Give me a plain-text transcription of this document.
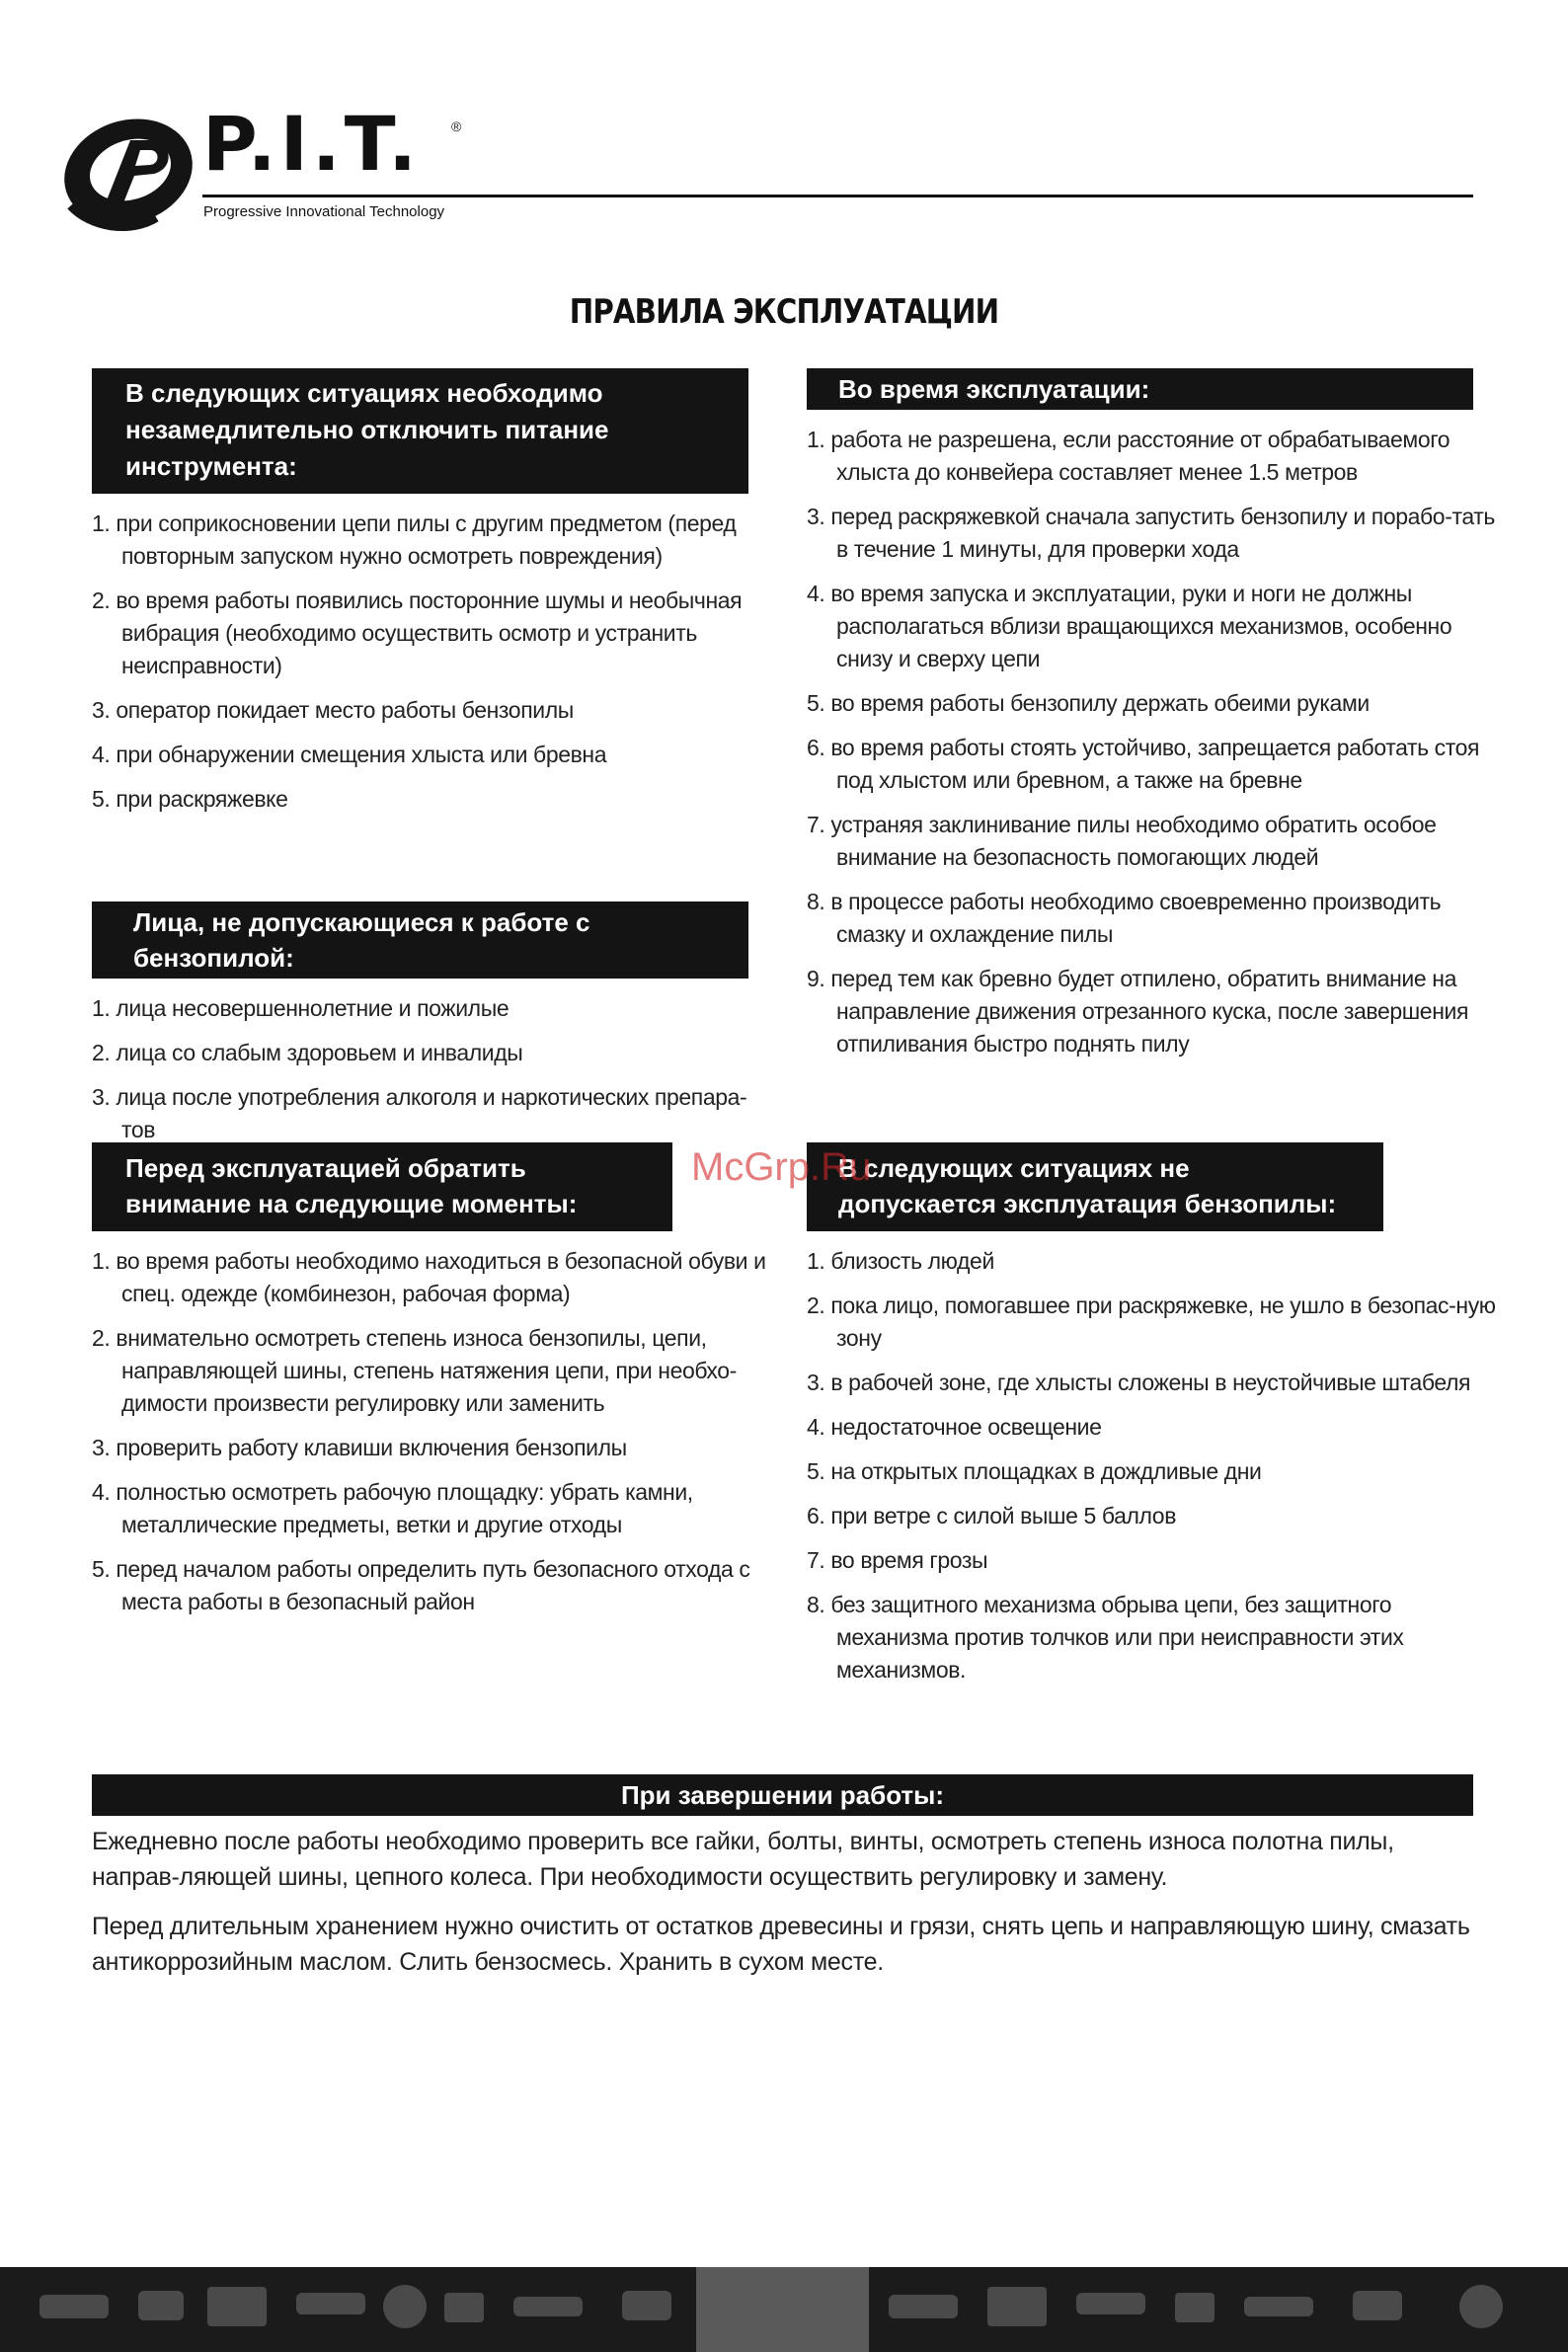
P.I.T. ®
Progressive Innovational Technology
ПРАВИЛА ЭКСПЛУАТАЦИИ
В следующих ситуациях необходимо незамедлительно отключить питание инструмента:
1. при соприкосновении цепи пилы с другим предметом (перед повторным запуском нужно осмотреть повреждения)
2. во время работы появились посторонние шумы и необычная вибрация (необходимо осуществить осмотр и устранить неисправности)
3. оператор покидает место работы бензопилы
4. при обнаружении смещения хлыста или бревна
5. при раскряжевке
Лица, не допускающиеся к работе с бензопилой:
1. лица несовершеннолетние и пожилые
2. лица со слабым здоровьем и инвалиды
3. лица после употребления алкоголя и наркотических препара-тов
Перед эксплуатацией обратить внимание на следующие моменты:
1. во время работы необходимо находиться в безопасной обуви и спец. одежде (комбинезон, рабочая форма)
2. внимательно осмотреть степень износа бензопилы, цепи, направляющей шины, степень натяжения цепи, при необхо-димости произвести регулировку или заменить
3. проверить работу клавиши включения бензопилы
4. полностью осмотреть рабочую площадку: убрать камни, металлические предметы, ветки и другие отходы
5. перед началом работы определить путь безопасного отхода с места работы в безопасный район
Во время эксплуатации:
1. работа не разрешена, если расстояние от обрабатываемого хлыста до конвейера составляет менее 1.5 метров
3. перед раскряжевкой сначала запустить бензопилу и порабо-тать в течение 1 минуты, для проверки хода
4. во время запуска и эксплуатации, руки и ноги не должны располагаться вблизи вращающихся механизмов, особенно снизу и сверху цепи
5. во время работы бензопилу держать обеими руками
6. во время работы стоять устойчиво, запрещается работать стоя под хлыстом или бревном, а также на бревне
7. устраняя заклинивание пилы необходимо обратить особое внимание на безопасность помогающих людей
8. в процессе работы необходимо своевременно производить смазку и охлаждение пилы
9. перед тем как бревно будет отпилено, обратить внимание на направление движения отрезанного куска, после завершения отпиливания быстро поднять пилу
В следующих ситуациях не допускается эксплуатация бензопилы:
1. близость людей
2. пока лицо, помогавшее при раскряжевке, не ушло в безопас-ную зону
3. в рабочей зоне, где хлысты сложены в неустойчивые штабеля
4. недостаточное освещение
5. на открытых площадках в дождливые дни
6. при ветре с силой выше 5 баллов
7. во время грозы
8. без защитного механизма обрыва цепи, без защитного механизма против толчков или при неисправности этих механизмов.
McGrp.Ru
При завершении работы:

Ежедневно после работы необходимо проверить все гайки, болты, винты, осмотреть степень износа полотна пилы, направ-ляющей шины, цепного колеса. При необходимости осуществить регулировку и замену.

Перед длительным хранением нужно очистить от остатков древесины и грязи, снять цепь и направляющую шину, смазать антикоррозийным маслом. Слить бензосмесь. Хранить в сухом месте.
